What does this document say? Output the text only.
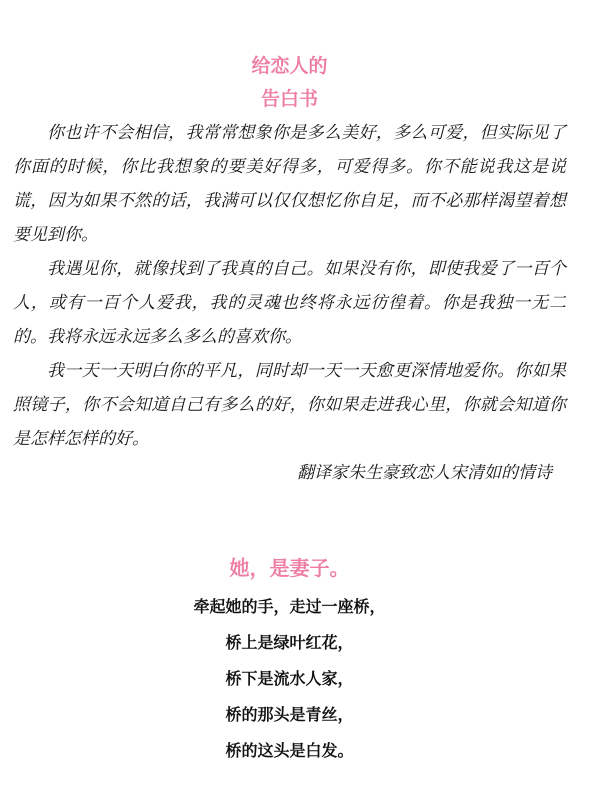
给恋人的
告白书

你也许不会相信，我常常想象你是多么美好，多么可爱，但实际见了你面的时候，你比我想象的要美好得多，可爱得多。你不能说我这是说谎，因为如果不然的话，我满可以仅仅想忆你自足，而不必那样渴望着想要见到你。

我遇见你，就像找到了我真的自己。如果没有你，即使我爱了一百个人，或有一百个人爱我，我的灵魂也终将永远彷徨着。你是我独一无二的。我将永远永远多么多么的喜欢你。

我一天一天明白你的平凡，同时却一天一天愈更深情地爱你。你如果照镜子，你不会知道自己有多么的好，你如果走进我心里，你就会知道你是怎样怎样的好。

翻译家朱生豪致恋人宋清如的情诗

她，是妻子。
牵起她的手，走过一座桥，
桥上是绿叶红花，
桥下是流水人家，
桥的那头是青丝，
桥的这头是白发。
